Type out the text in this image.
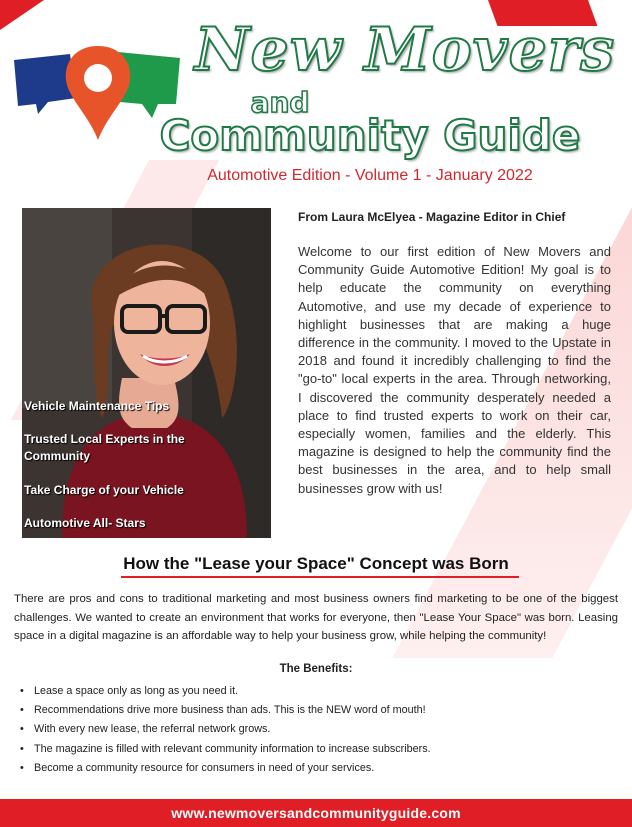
New Movers
and
Community Guide

Automotive Edition - Volume 1 - January 2022

Vehicle Maintenance Tips

Trusted Local Experts in the Community

Take Charge of your Vehicle

Automotive All- Stars

From Laura McElyea - Magazine Editor in Chief

Welcome to our first edition of New Movers and Community Guide Automotive Edition! My goal is to help educate the community on everything Automotive, and use my decade of experience to highlight businesses that are making a huge difference in the community. I moved to the Upstate in 2018 and found it incredibly challenging to find the "go-to" local experts in the area. Through networking, I discovered the community desperately needed a place to find trusted experts to work on their car, especially women, families and the elderly. This magazine is designed to help the community find the best businesses in the area, and to help small businesses grow with us!

How the "Lease your Space" Concept was Born

There are pros and cons to traditional marketing and most business owners find marketing to be one of the biggest challenges. We wanted to create an environment that works for everyone, then "Lease Your Space" was born. Leasing space in a digital magazine is an affordable way to help your business grow, while helping the community!

The Benefits:

• Lease a space only as long as you need it.
• Recommendations drive more business than ads. This is the NEW word of mouth!
• With every new lease, the referral network grows.
• The magazine is filled with relevant community information to increase subscribers.
• Become a community resource for consumers in need of your services.
www.newmoversandcommunityguide.com
